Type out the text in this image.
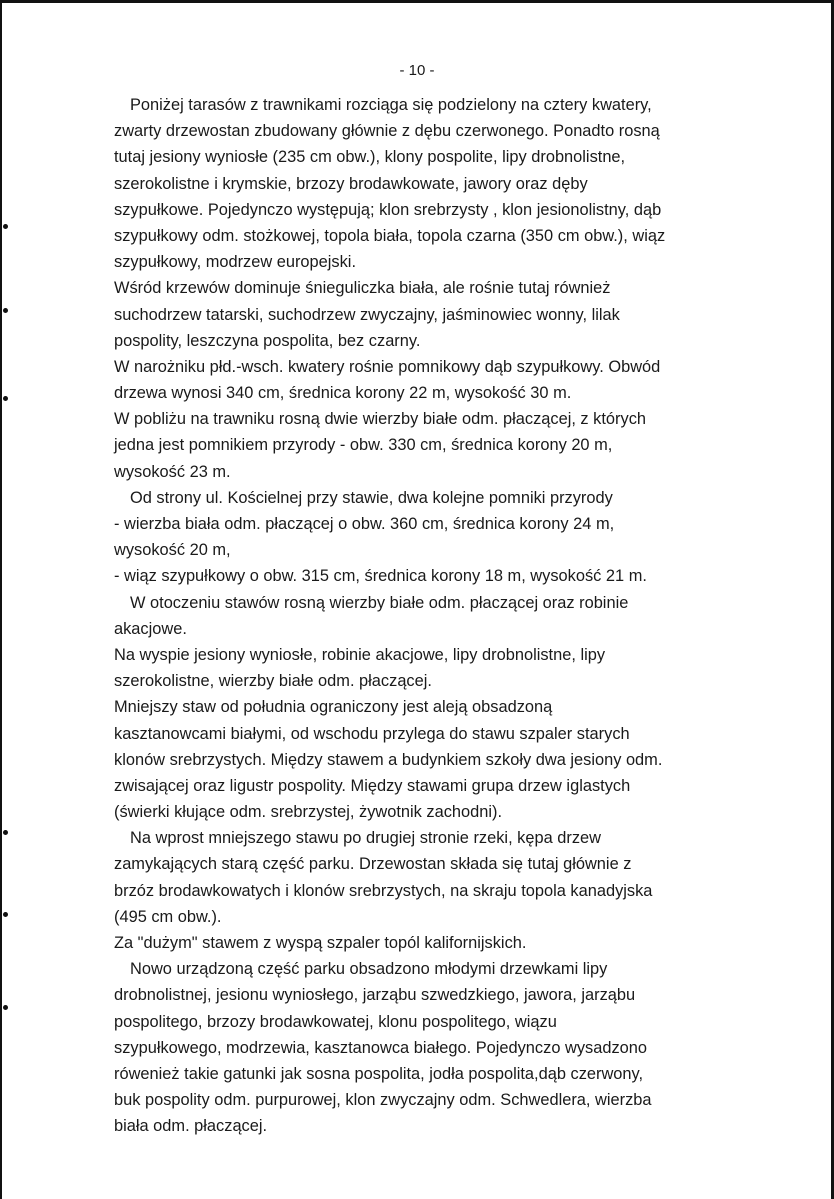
- 10 -
Poniżej tarasów z trawnikami rozciąga się podzielony na cztery kwatery,
zwarty drzewostan zbudowany głównie z dębu czerwonego. Ponadto rosną
tutaj jesiony wyniosłe (235 cm obw.), klony pospolite, lipy drobnolistne,
szerokolistne i krymskie, brzozy brodawkowate, jawory oraz dęby
szypułkowe. Pojedynczo występują; klon srebrzysty , klon jesionolistny, dąb
szypułkowy odm. stożkowej, topola biała, topola czarna (350 cm obw.), wiąz
szypułkowy, modrzew europejski.
Wśród krzewów dominuje śnieguliczka biała, ale rośnie tutaj również
suchodrzew tatarski, suchodrzew zwyczajny, jaśminowiec wonny, lilak
pospolity, leszczyna pospolita, bez czarny.
W narożniku płd.-wsch. kwatery rośnie pomnikowy dąb szypułkowy. Obwód
drzewa wynosi 340 cm, średnica korony 22 m, wysokość 30 m.
W pobliżu na trawniku rosną dwie wierzby białe odm. płaczącej, z których
jedna jest pomnikiem przyrody - obw. 330 cm, średnica korony 20 m,
wysokość 23 m.
Od strony ul. Kościelnej przy stawie, dwa kolejne pomniki przyrody
- wierzba biała odm. płaczącej o obw. 360 cm, średnica korony 24 m,
wysokość 20 m,
- wiąz szypułkowy o obw. 315 cm, średnica korony 18 m, wysokość 21 m.
W otoczeniu stawów rosną wierzby białe odm. płaczącej oraz robinie
akacjowe.
Na wyspie jesiony wyniosłe, robinie akacjowe, lipy drobnolistne, lipy
szerokolistne, wierzby białe odm. płaczącej.
Mniejszy staw od południa ograniczony jest aleją obsadzoną
kasztanowcami białymi, od wschodu przylega do stawu szpaler starych
klonów srebrzystych. Między stawem a budynkiem szkoły dwa jesiony odm.
zwisającej oraz ligustr pospolity. Między stawami grupa drzew iglastych
(świerki kłujące odm. srebrzystej, żywotnik zachodni).
Na wprost mniejszego stawu po drugiej stronie rzeki, kępa drzew
zamykających starą część parku. Drzewostan składa się tutaj głównie z
brzóz brodawkowatych i klonów srebrzystych, na skraju topola kanadyjska
(495 cm obw.).
Za "dużym" stawem z wyspą szpaler topól kalifornijskich.
Nowo urządzoną część parku obsadzono młodymi drzewkami lipy
drobnolistnej, jesionu wyniosłego, jarząbu szwedzkiego, jawora, jarząbu
pospolitego, brzozy brodawkowatej, klonu pospolitego, wiązu
szypułkowego, modrzewia, kasztanowca białego. Pojedynczo wysadzono
rówenież takie gatunki jak sosna pospolita, jodła pospolita,dąb czerwony,
buk pospolity odm. purpurowej, klon zwyczajny odm. Schwedlera, wierzba
biała odm. płaczącej.
